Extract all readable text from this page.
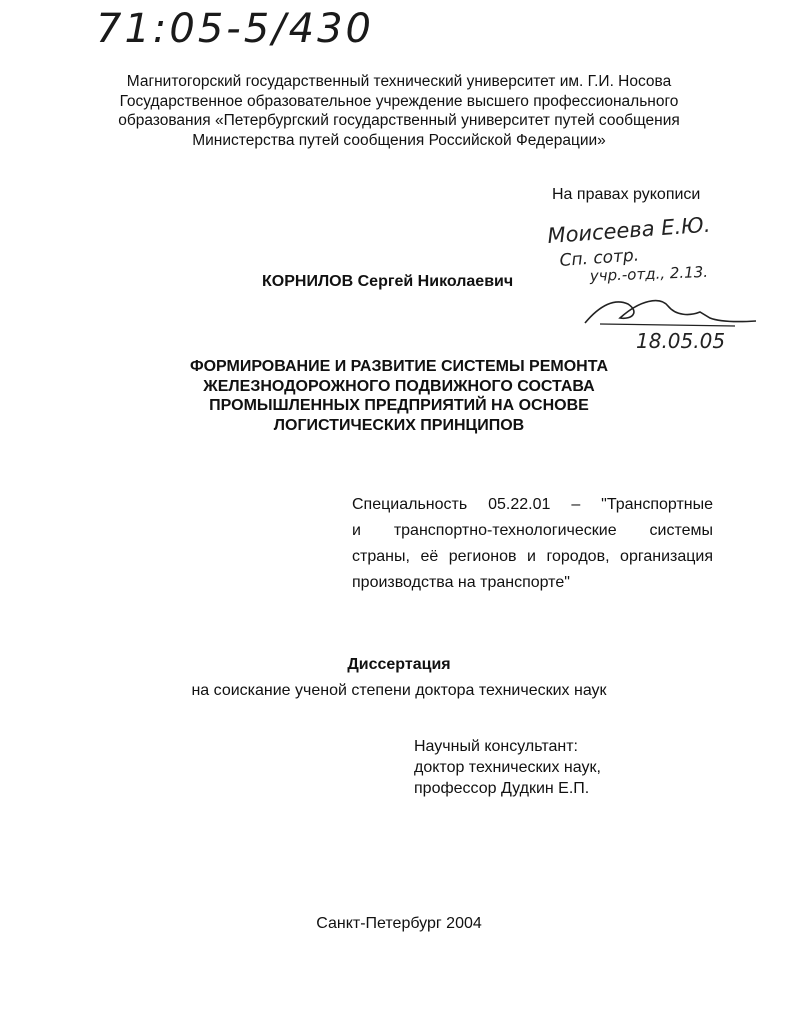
71:05-5/430
Моисеева Е.Ю.
Сп. сотр.
учр.-отд., 2.13.
18.05.05
Магнитогорский государственный технический университет им. Г.И. Носова
Государственное образовательное учреждение высшего профессионального
образования «Петербургский государственный университет путей сообщения
Министерства путей сообщения Российской Федерации»
На правах рукописи
КОРНИЛОВ Сергей Николаевич
ФОРМИРОВАНИЕ И РАЗВИТИЕ СИСТЕМЫ РЕМОНТА
ЖЕЛЕЗНОДОРОЖНОГО ПОДВИЖНОГО СОСТАВА
ПРОМЫШЛЕННЫХ ПРЕДПРИЯТИЙ НА ОСНОВЕ
ЛОГИСТИЧЕСКИХ ПРИНЦИПОВ

Специальность 05.22.01 – "Транспортные

и транспортно-технологические системы

страны, её регионов и городов, организация

производства на транспорте"

Диссертация
на соискание ученой степени доктора технических наук
Научный консультант:
доктор технических наук,
профессор Дудкин Е.П.
Санкт-Петербург 2004
